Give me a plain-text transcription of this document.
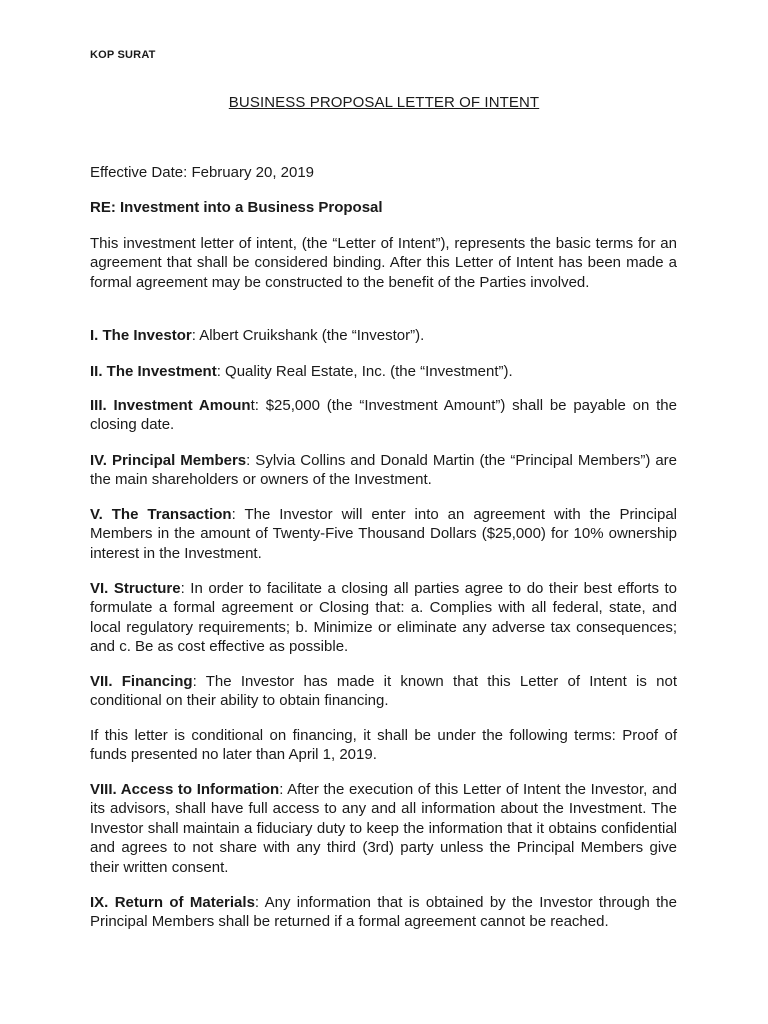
KOP SURAT
BUSINESS PROPOSAL LETTER OF INTENT

Effective Date: February 20, 2019

RE: Investment into a Business Proposal

This investment letter of intent, (the “Letter of Intent”), represents the basic terms for an agreement that shall be considered binding. After this Letter of Intent has been made a formal agreement may be constructed to the benefit of the Parties involved.

I. The Investor: Albert Cruikshank (the “Investor”).

II. The Investment: Quality Real Estate, Inc. (the “Investment”).

III. Investment Amount: $25,000 (the “Investment Amount”) shall be payable on the closing date.

IV. Principal Members: Sylvia Collins and Donald Martin (the “Principal Members”) are the main shareholders or owners of the Investment.

V. The Transaction: The Investor will enter into an agreement with the Principal Members in the amount of Twenty-Five Thousand Dollars ($25,000) for 10% ownership interest in the Investment.

VI. Structure: In order to facilitate a closing all parties agree to do their best efforts to formulate a formal agreement or Closing that: a. Complies with all federal, state, and local regulatory requirements; b. Minimize or eliminate any adverse tax consequences; and c. Be as cost effective as possible.

VII. Financing: The Investor has made it known that this Letter of Intent is not conditional on their ability to obtain financing.

If this letter is conditional on financing, it shall be under the following terms: Proof of funds presented no later than April 1, 2019.

VIII. Access to Information: After the execution of this Letter of Intent the Investor, and its advisors, shall have full access to any and all information about the Investment. The Investor shall maintain a fiduciary duty to keep the information that it obtains confidential and agrees to not share with any third (3rd) party unless the Principal Members give their written consent.

IX. Return of Materials: Any information that is obtained by the Investor through the Principal Members shall be returned if a formal agreement cannot be reached.
